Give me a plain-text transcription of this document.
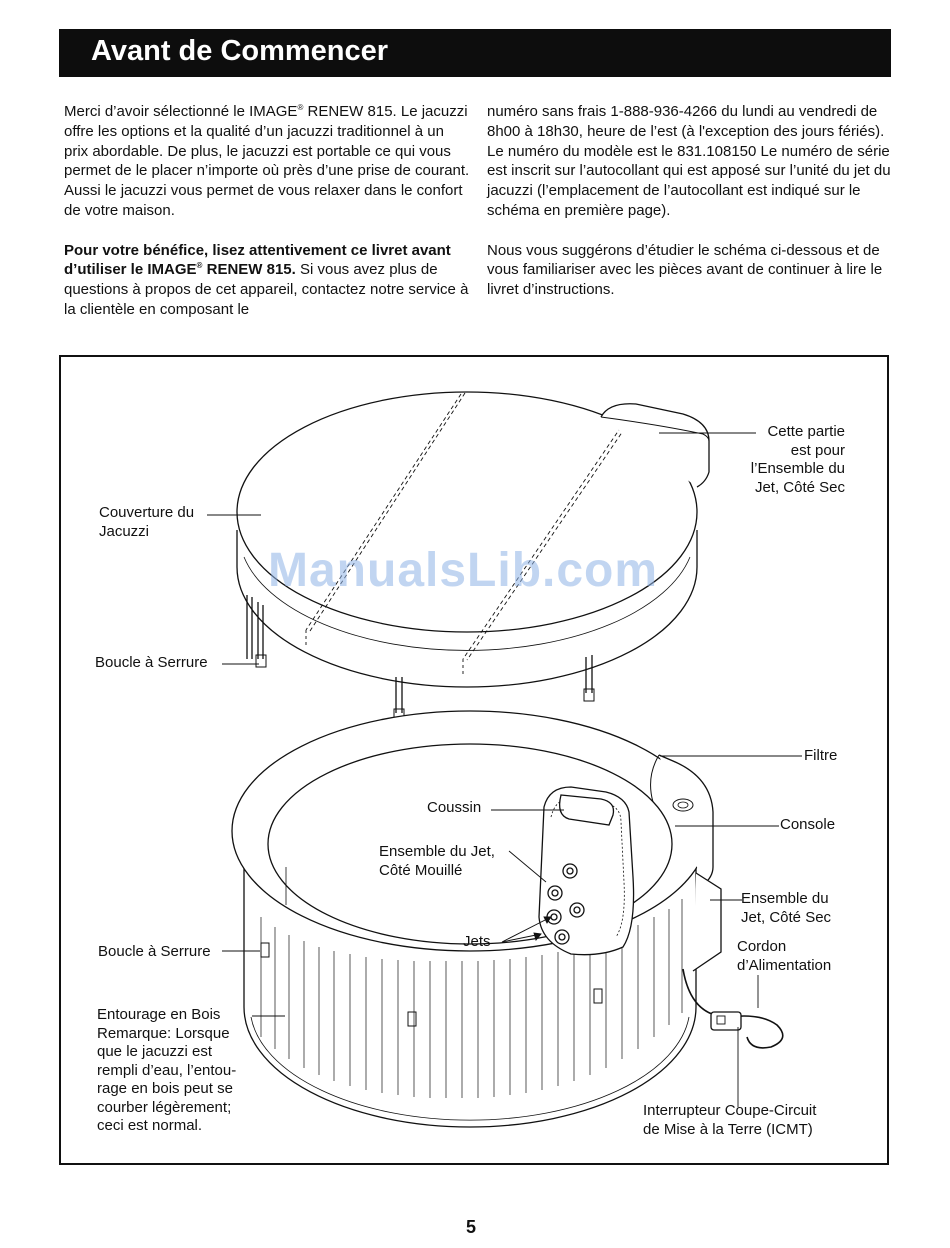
Avant de Commencer

Merci d’avoir sélectionné le IMAGE® RENEW 815. Le jacuzzi offre les options et la qualité d’un jacuzzi traditionnel à un prix abordable. De plus, le jacuzzi est portable ce qui vous permet de le placer n’importe où près d’une prise de courant. Aussi le jacuzzi vous permet de vous relaxer dans le confort de votre maison.

Pour votre bénéfice, lisez attentivement ce livret avant d’utiliser le IMAGE® RENEW 815. Si vous avez plus de questions à propos de cet appareil, contactez notre service à la clientèle en composant le

numéro sans frais 1-888-936-4266 du lundi au vendredi de 8h00 à 18h30, heure de l’est (à l'exception des jours fériés). Le numéro du modèle est le 831.108150 Le numéro de série est inscrit sur l’autocollant qui est apposé sur l’unité du jet du jacuzzi (l’emplacement de l’autocollant est indiqué sur le schéma en première page).

Nous vous suggérons d’étudier le schéma ci-dessous et de vous familiariser avec les pièces avant de continuer à lire le livret d’instructions.

Cette partie
est pour
l’Ensemble du
Jet, Côté Sec
Couverture du
Jacuzzi
Boucle à Serrure
Filtre
Coussin
Console
Ensemble du Jet,
Côté Mouillé
Ensemble du
Jet, Côté Sec
Jets	Cordon
d’Alimentation
Boucle à Serrure
Entourage en Bois
Remarque: Lorsque
que le jacuzzi est
rempli d’eau, l’entou-
rage en bois peut se
courber légèrement;
ceci est normal.
Interrupteur Coupe-Circuit
de Mise à la Terre (ICMT)
ManualsLib.com
5
